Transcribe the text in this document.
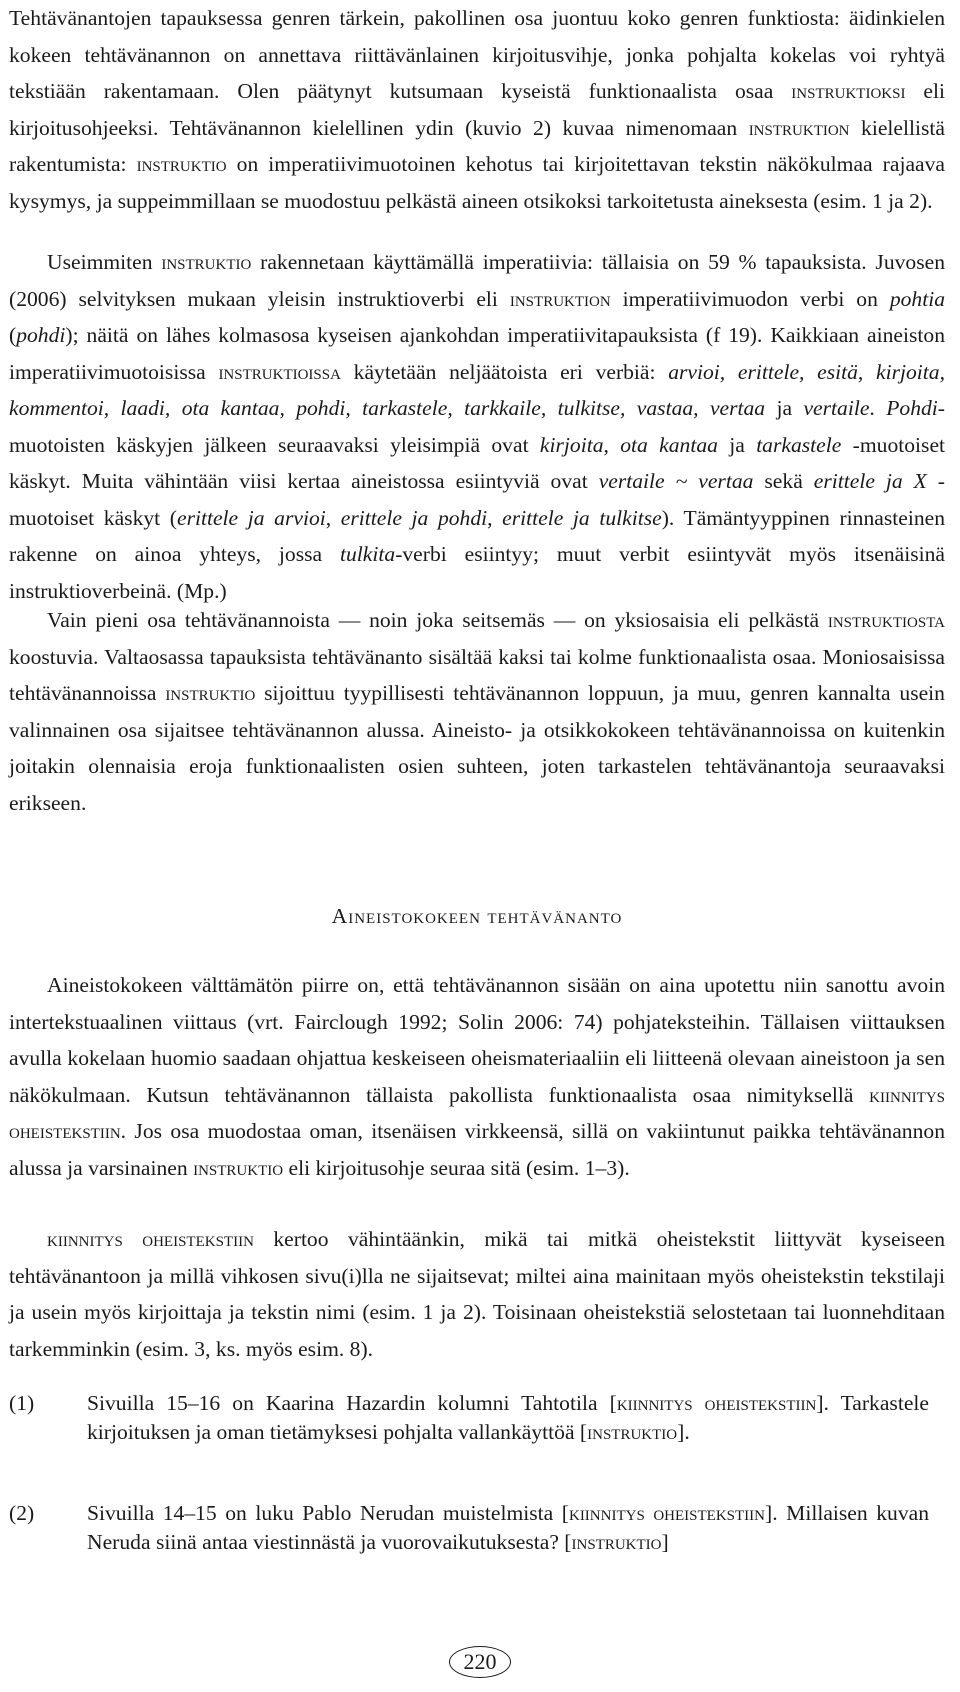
Tehtävänantojen tapauksessa genren tärkein, pakollinen osa juontuu koko genren funktiosta: äidinkielen kokeen tehtävänannon on annettava riittävänlainen kirjoitusvihje, jonka pohjalta kokelas voi ryhtyä tekstiään rakentamaan. Olen päätynyt kutsumaan kyseistä funktionaalista osaa instruktioksi eli kirjoitusohjeeksi. Tehtävänannon kielellinen ydin (kuvio 2) kuvaa nimenomaan instruktion kielellistä rakentumista: instruktio on imperatiivimuotoinen kehotus tai kirjoitettavan tekstin näkökulmaa rajaava kysymys, ja suppeimmillaan se muodostuu pelkästä aineen otsikoksi tarkoitetusta aineksesta (esim. 1 ja 2).

Useimmiten instruktio rakennetaan käyttämällä imperatiivia: tällaisia on 59 % tapauksista. Juvosen (2006) selvityksen mukaan yleisin instruktioverbi eli instruktion imperatiivimuodon verbi on pohtia (pohdi); näitä on lähes kolmasosa kyseisen ajankohdan imperatiivitapauksista (f 19). Kaikkiaan aineiston imperatiivimuotoisissa instruktioissa käytetään neljäätoista eri verbiä: arvioi, erittele, esitä, kirjoita, kommentoi, laadi, ota kantaa, pohdi, tarkastele, tarkkaile, tulkitse, vastaa, vertaa ja vertaile. Pohdi-muotoisten käskyjen jälkeen seuraavaksi yleisimpiä ovat kirjoita, ota kantaa ja tarkastele -muotoiset käskyt. Muita vähintään viisi kertaa aineistossa esiintyviä ovat vertaile ~ vertaa sekä erittele ja X -muotoiset käskyt (erittele ja arvioi, erittele ja pohdi, erittele ja tulkitse). Tämäntyyppinen rinnasteinen rakenne on ainoa yhteys, jossa tulkita-verbi esiintyy; muut verbit esiintyvät myös itsenäisinä instruktioverbeinä. (Mp.)

Vain pieni osa tehtävänannoista — noin joka seitsemäs — on yksiosaisia eli pelkästä instruktiosta koostuvia. Valtaosassa tapauksista tehtävänanto sisältää kaksi tai kolme funktionaalista osaa. Moniosaisissa tehtävänannoissa instruktio sijoittuu tyypillisesti tehtävänannon loppuun, ja muu, genren kannalta usein valinnainen osa sijaitsee tehtävänannon alussa. Aineisto- ja otsikkokokeen tehtävänannoissa on kuitenkin joitakin olennaisia eroja funktionaalisten osien suhteen, joten tarkastelen tehtävänantoja seuraavaksi erikseen.

Aineistokokeen tehtävänanto

Aineistokokeen välttämätön piirre on, että tehtävänannon sisään on aina upotettu niin sanottu avoin intertekstuaalinen viittaus (vrt. Fairclough 1992; Solin 2006: 74) pohjateksteihin. Tällaisen viittauksen avulla kokelaan huomio saadaan ohjattua keskeiseen oheismateriaaliin eli liitteenä olevaan aineistoon ja sen näkökulmaan. Kutsun tehtävänannon tällaista pakollista funktionaalista osaa nimityksellä kiinnitys oheistekstiin. Jos osa muodostaa oman, itsenäisen virkkeensä, sillä on vakiintunut paikka tehtävänannon alussa ja varsinainen instruktio eli kirjoitusohje seuraa sitä (esim. 1–3).

kiinnitys oheistekstiin kertoo vähintäänkin, mikä tai mitkä oheistekstit liittyvät kyseiseen tehtävänantoon ja millä vihkosen sivu(i)lla ne sijaitsevat; miltei aina mainitaan myös oheistekstin tekstilaji ja usein myös kirjoittaja ja tekstin nimi (esim. 1 ja 2). Toisinaan oheistekstiä selostetaan tai luonnehditaan tarkemminkin (esim. 3, ks. myös esim. 8).

(1) Sivuilla 15–16 on Kaarina Hazardin kolumni Tahtotila [kiinnitys oheistekstiin]. Tarkastele kirjoituksen ja oman tietämyksesi pohjalta vallankäyttöä [instruktio].
(2) Sivuilla 14–15 on luku Pablo Nerudan muistelmista [kiinnitys oheistekstiin]. Millaisen kuvan Neruda siinä antaa viestinnästä ja vuorovaikutuksesta? [instruktio]
220
